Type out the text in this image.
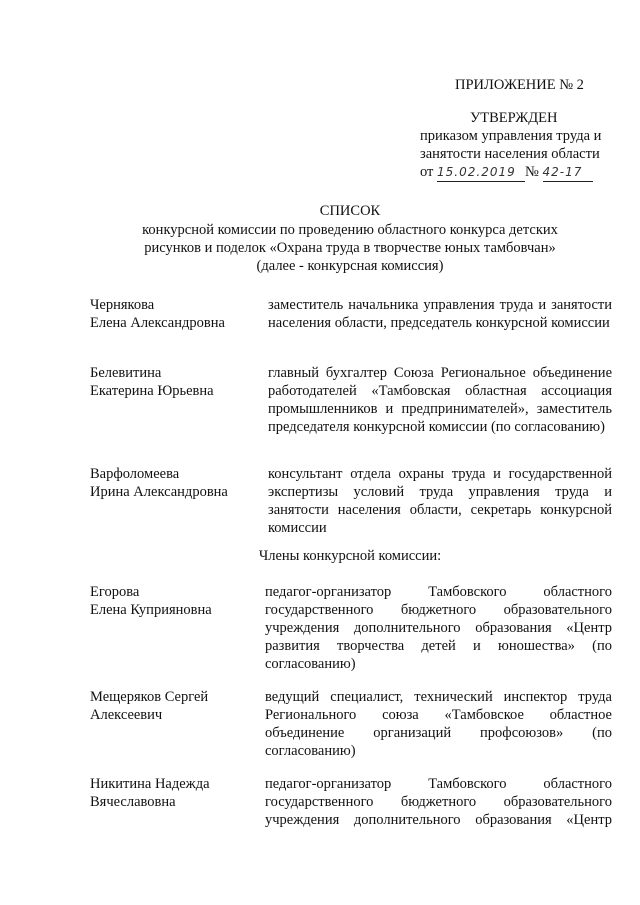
ПРИЛОЖЕНИЕ № 2
УТВЕРЖДЕН
приказом управления труда и
занятости населения области
от 15.02.2019 № 42-17
СПИСОК
конкурсной комиссии по проведению областного конкурса детских
рисунков и поделок «Охрана труда в творчестве юных тамбовчан»
(далее - конкурсная комиссия)
Чернякова
Елена Александровна
заместитель начальника управления труда и занятости населения области, председатель конкурсной комиссии
Белевитина
Екатерина Юрьевна
главный бухгалтер Союза Региональное объединение работодателей «Тамбовская областная ассоциация промышленников и предпринимателей», заместитель председателя конкурсной комиссии (по согласованию)
Варфоломеева
Ирина Александровна
консультант отдела охраны труда и государственной экспертизы условий труда управления труда и занятости населения области, секретарь конкурсной комиссии
Члены конкурсной комиссии:
Егорова
Елена Куприяновна
педагог-организатор Тамбовского областного государственного бюджетного образовательного учреждения дополнительного образования «Центр развития творчества детей и юношества» (по согласованию)
Мещеряков Сергей
Алексеевич
ведущий специалист, технический инспектор труда Регионального союза «Тамбовское областное объединение организаций профсоюзов» (по согласованию)
Никитина Надежда
Вячеславовна
педагог-организатор Тамбовского областного государственного бюджетного образовательного учреждения дополнительного образования «Центр
